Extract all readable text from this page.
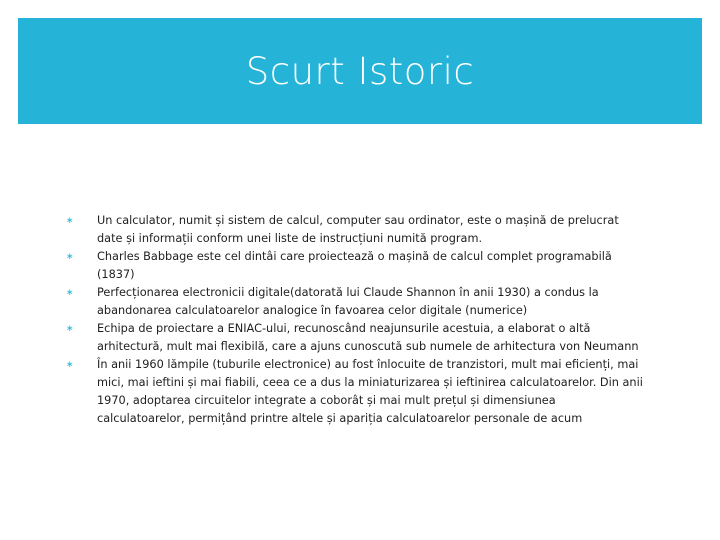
Scurt Istoric
∗ Un calculator, numit și sistem de calcul, computer sau ordinator, este o mașină de prelucrat date și informații conform unei liste de instrucțiuni numită program.
∗ Charles Babbage este cel dintâi care proiectează o mașină de calcul complet programabilă (1837)
∗ Perfecționarea electronicii digitale(datorată lui Claude Shannon în anii 1930) a condus la abandonarea calculatoarelor analogice în favoarea celor digitale (numerice)
∗ Echipa de proiectare a ENIAC-ului, recunoscând neajunsurile acestuia, a elaborat o altă arhitectură, mult mai flexibilă, care a ajuns cunoscută sub numele de arhitectura von Neumann
∗ În anii 1960 lămpile (tuburile electronice) au fost înlocuite de tranzistori, mult mai eficienți, mai mici, mai ieftini și mai fiabili, ceea ce a dus la miniaturizarea și ieftinirea calculatoarelor. Din anii 1970, adoptarea circuitelor integrate a coborât și mai mult prețul și dimensiunea calculatoarelor, permițând printre altele și apariția calculatoarelor personale de acum
